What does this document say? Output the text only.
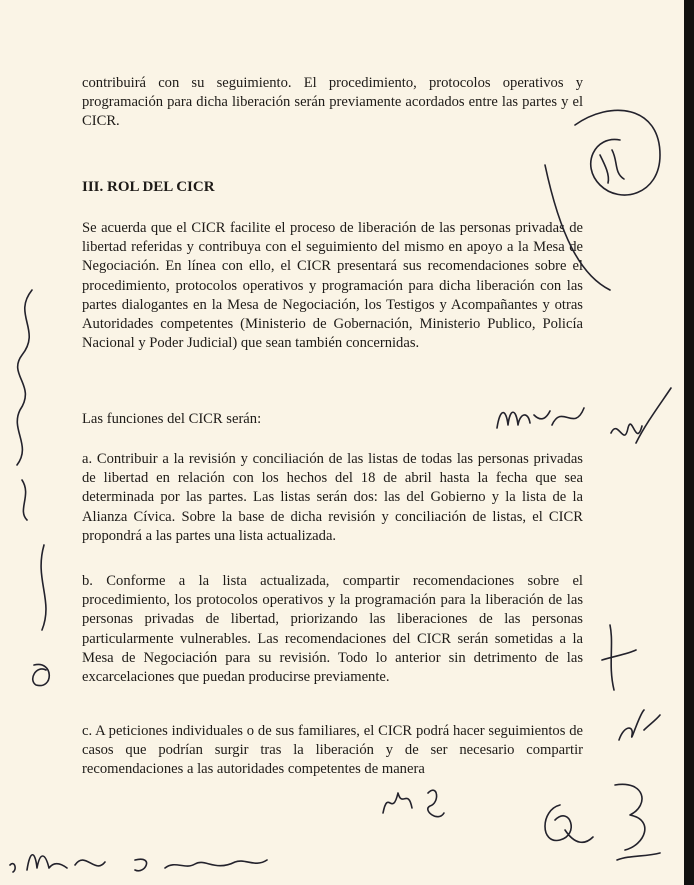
contribuirá con su seguimiento. El procedimiento, protocolos operativos y programación para dicha liberación serán previamente acordados entre las partes y el CICR.

III. ROL DEL CICR

Se acuerda que el CICR facilite el proceso de liberación de las personas privadas de libertad referidas y contribuya con el seguimiento del mismo en apoyo a la Mesa de Negociación. En línea con ello, el CICR presentará sus recomendaciones sobre el procedimiento, protocolos operativos y programación para dicha liberación con las partes dialogantes en la Mesa de Negociación, los Testigos y Acompañantes y otras Autoridades competentes (Ministerio de Gobernación, Ministerio Publico, Policía Nacional y Poder Judicial) que sean también concernidas.

Las funciones del CICR serán:

a. Contribuir a la revisión y conciliación de las listas de todas las personas privadas de libertad en relación con los hechos del 18 de abril hasta la fecha que sea determinada por las partes. Las listas serán dos: las del Gobierno y la lista de la Alianza Cívica. Sobre la base de dicha revisión y conciliación de listas, el CICR propondrá a las partes una lista actualizada.

b. Conforme a la lista actualizada, compartir recomendaciones sobre el procedimiento, los protocolos operativos y la programación para la liberación de las personas privadas de libertad, priorizando las liberaciones de las personas particularmente vulnerables. Las recomendaciones del CICR serán sometidas a la Mesa de Negociación para su revisión. Todo lo anterior sin detrimento de las excarcelaciones que puedan producirse previamente.

c. A peticiones individuales o de sus familiares, el CICR podrá hacer seguimientos de casos que podrían surgir tras la liberación y de ser necesario compartir recomendaciones a las autoridades competentes de manera
